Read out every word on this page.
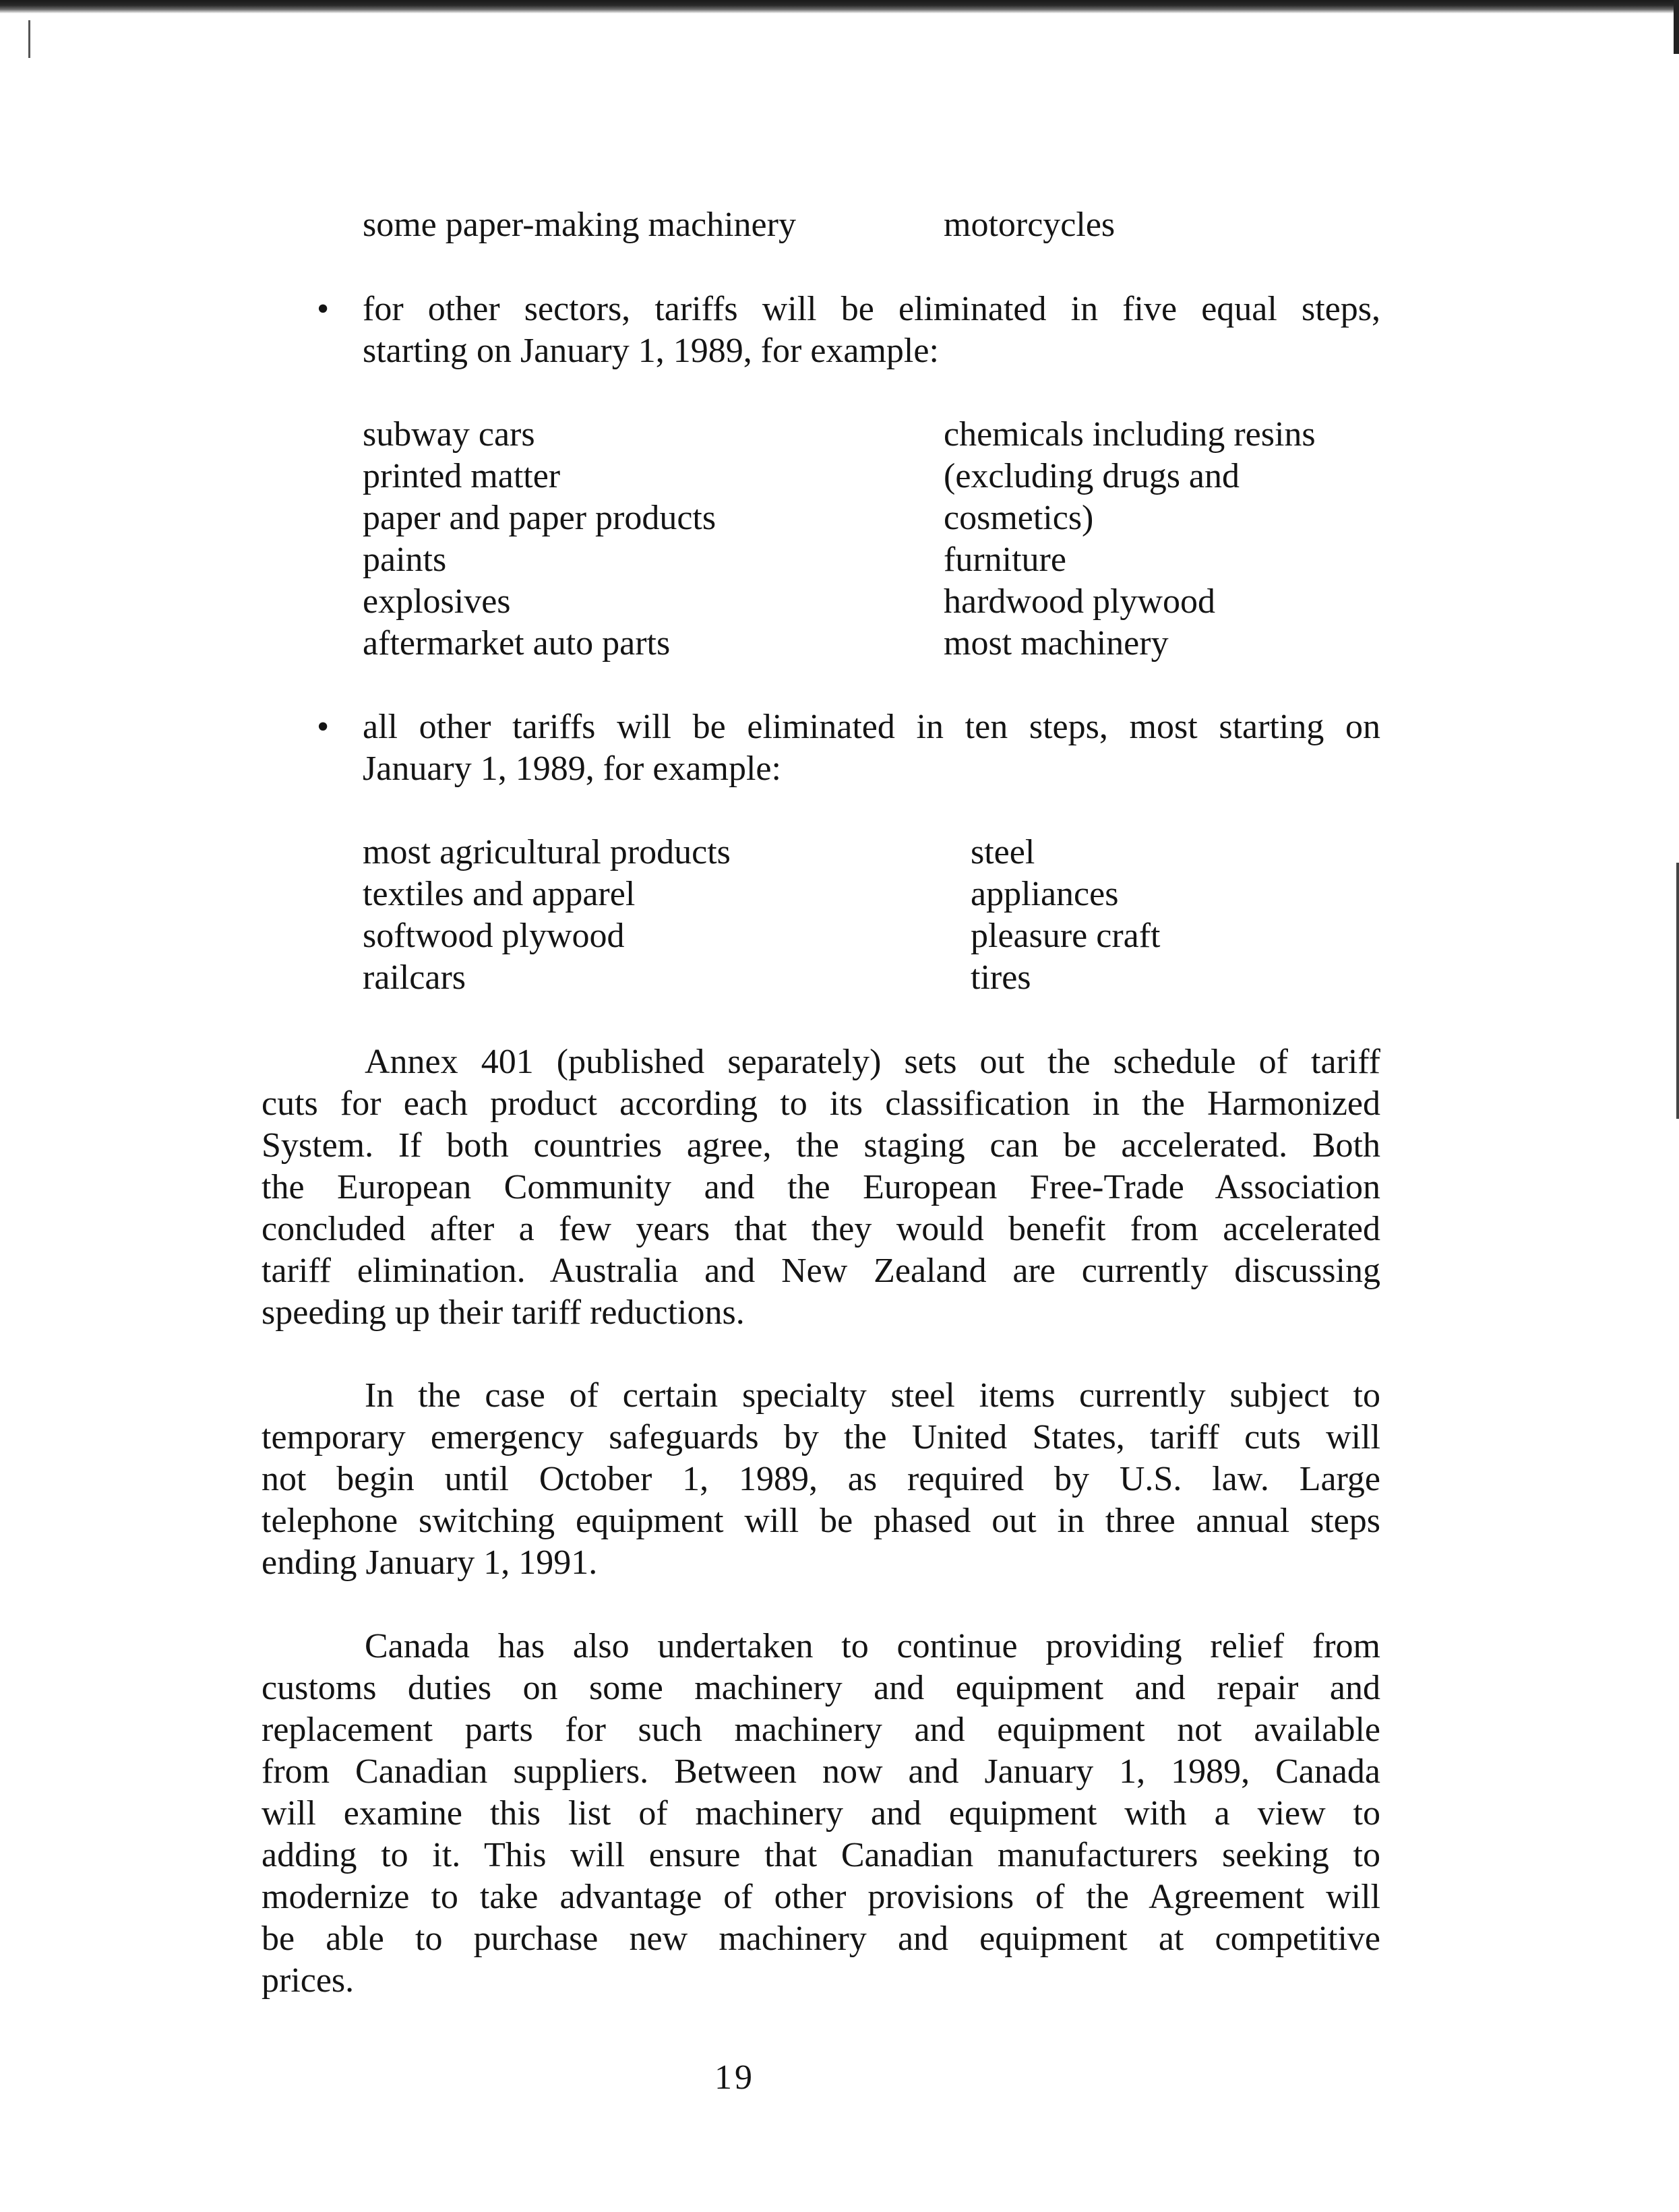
some paper-making machinery	motorcycles
• for other sectors, tariffs will be eliminated in five equal steps,
starting on January 1, 1989, for example:
subway cars
printed matter
paper and paper products
paints
explosives
aftermarket auto parts
chemicals including resins
(excluding drugs and
cosmetics)
furniture
hardwood plywood
most machinery
• all other tariffs will be eliminated in ten steps, most starting on
January 1, 1989, for example:
most agricultural products
textiles and apparel
softwood plywood
railcars
steel
appliances
pleasure craft
tires
Annex 401 (published separately) sets out the schedule of tariff
cuts for each product according to its classification in the Harmonized
System. If both countries agree, the staging can be accelerated. Both
the European Community and the European Free-Trade Association
concluded after a few years that they would benefit from accelerated
tariff elimination. Australia and New Zealand are currently discussing
speeding up their tariff reductions.
In the case of certain specialty steel items currently subject to
temporary emergency safeguards by the United States, tariff cuts will
not begin until October 1, 1989, as required by U.S. law. Large
telephone switching equipment will be phased out in three annual steps
ending January 1, 1991.
Canada has also undertaken to continue providing relief from
customs duties on some machinery and equipment and repair and
replacement parts for such machinery and equipment not available
from Canadian suppliers. Between now and January 1, 1989, Canada
will examine this list of machinery and equipment with a view to
adding to it. This will ensure that Canadian manufacturers seeking to
modernize to take advantage of other provisions of the Agreement will
be able to purchase new machinery and equipment at competitive
prices.
19
